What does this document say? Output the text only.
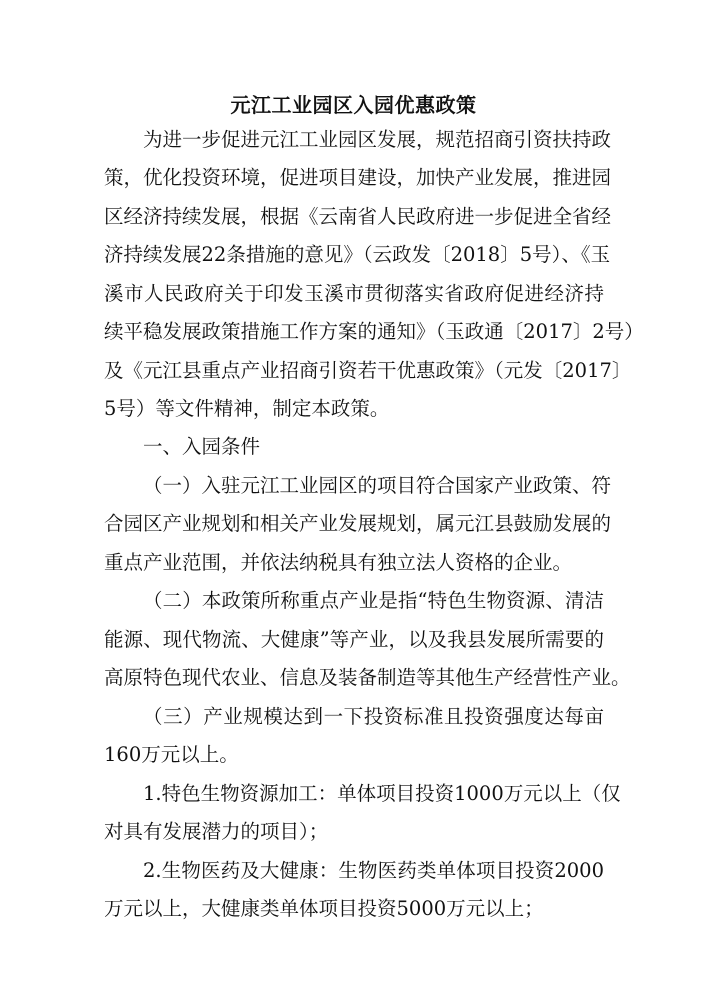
元江工业园区入园优惠政策
为进一步促进元江工业园区发展，规范招商引资扶持政
策，优化投资环境，促进项目建设，加快产业发展，推进园
区经济持续发展，根据《云南省人民政府进一步促进全省经
济持续发展22条措施的意见》（云政发〔2018〕5号）、《玉
溪市人民政府关于印发玉溪市贯彻落实省政府促进经济持
续平稳发展政策措施工作方案的通知》（玉政通〔2017〕2号）
及《元江县重点产业招商引资若干优惠政策》（元发〔2017〕
5号）等文件精神，制定本政策。
一、入园条件
（一）入驻元江工业园区的项目符合国家产业政策、符
合园区产业规划和相关产业发展规划，属元江县鼓励发展的
重点产业范围，并依法纳税具有独立法人资格的企业。
（二）本政策所称重点产业是指“特色生物资源、清洁
能源、现代物流、大健康”等产业，以及我县发展所需要的
高原特色现代农业、信息及装备制造等其他生产经营性产业。
（三）产业规模达到一下投资标准且投资强度达每亩
160万元以上。
1.特色生物资源加工：单体项目投资1000万元以上（仅
对具有发展潜力的项目）；
2.生物医药及大健康：生物医药类单体项目投资2000
万元以上，大健康类单体项目投资5000万元以上；
